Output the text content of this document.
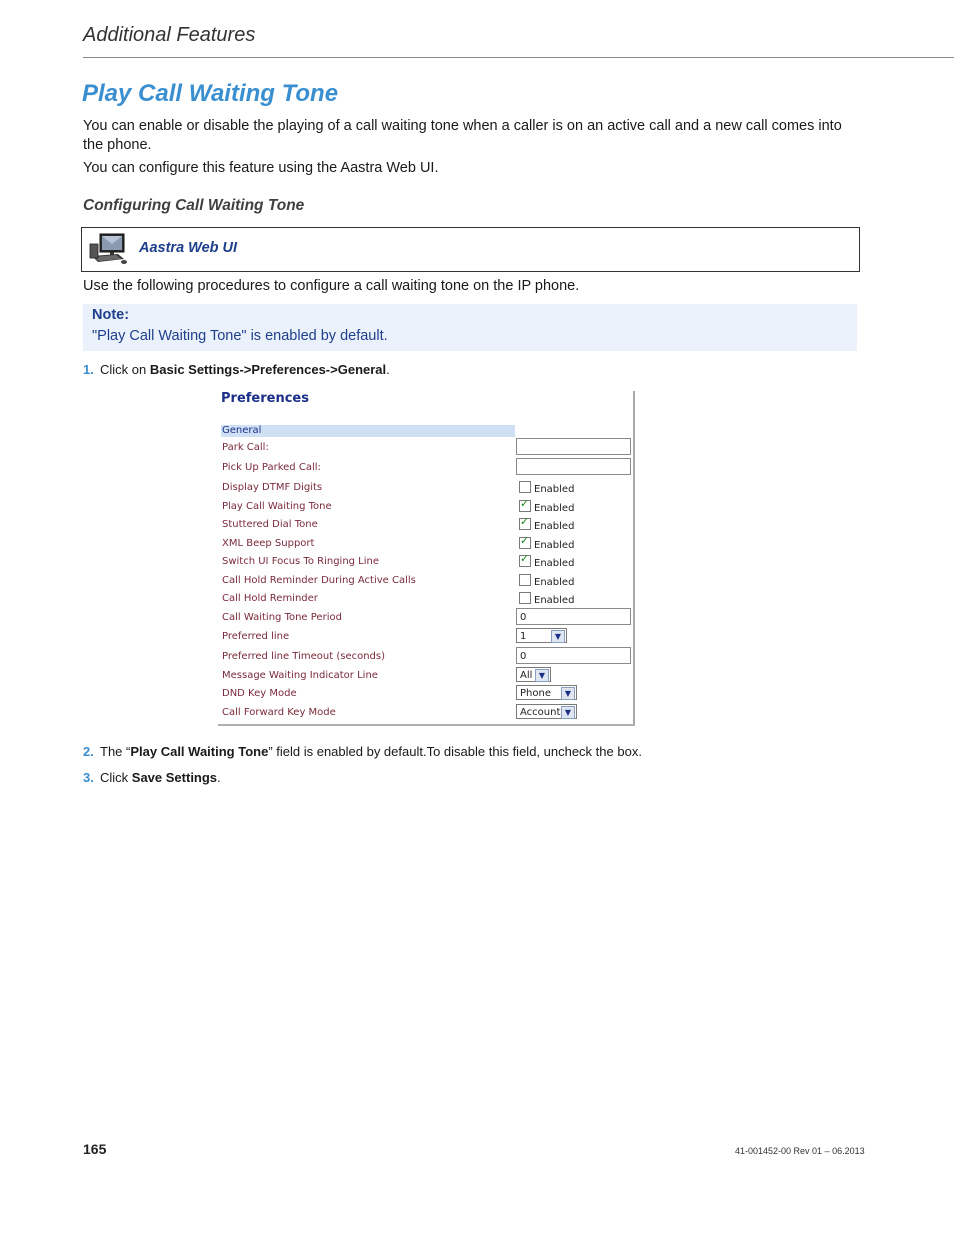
Additional Features
Play Call Waiting Tone
You can enable or disable the playing of a call waiting tone when a caller is on an active call and a new call comes into
the phone.
You can configure this feature using the Aastra Web UI.
Configuring Call Waiting Tone
Aastra Web UI
Use the following procedures to configure a call waiting tone on the IP phone.
Note:
"Play Call Waiting Tone" is enabled by default.
1. Click on Basic Settings->Preferences->General.
Preferences
General
Park Call:
Pick Up Parked Call:
Display DTMF Digits	Enabled
Play Call Waiting Tone ✓	Enabled
Stuttered Dial Tone ✓	Enabled
XML Beep Support ✓	Enabled
Switch UI Focus To Ringing Line ✓	Enabled
Call Hold Reminder During Active Calls	Enabled
Call Hold Reminder	Enabled
Call Waiting Tone Period	0
Preferred line	1	▼
Preferred line Timeout (seconds)	0
Message Waiting Indicator Line	All ▼
DND Key Mode	Phone	▼
Call Forward Key Mode	Account ▼
2. The “Play Call Waiting Tone” field is enabled by default.To disable this field, uncheck the box.
3. Click Save Settings.
165	41-001452-00 Rev 01 – 06.2013
